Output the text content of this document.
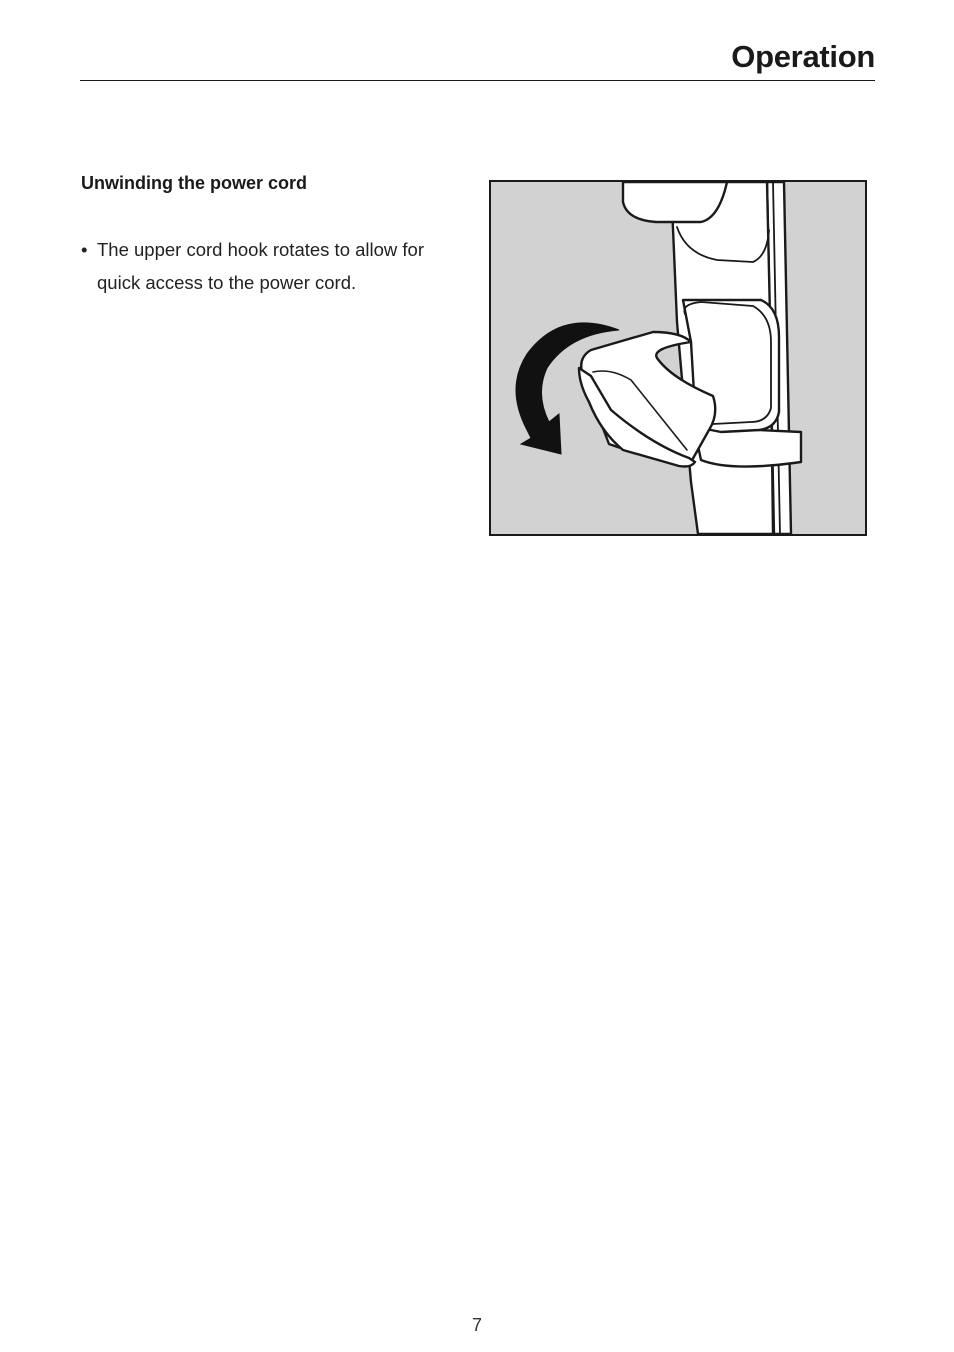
Operation
Unwinding the power cord
• The upper cord hook rotates to allow for quick access to the power cord.
7
